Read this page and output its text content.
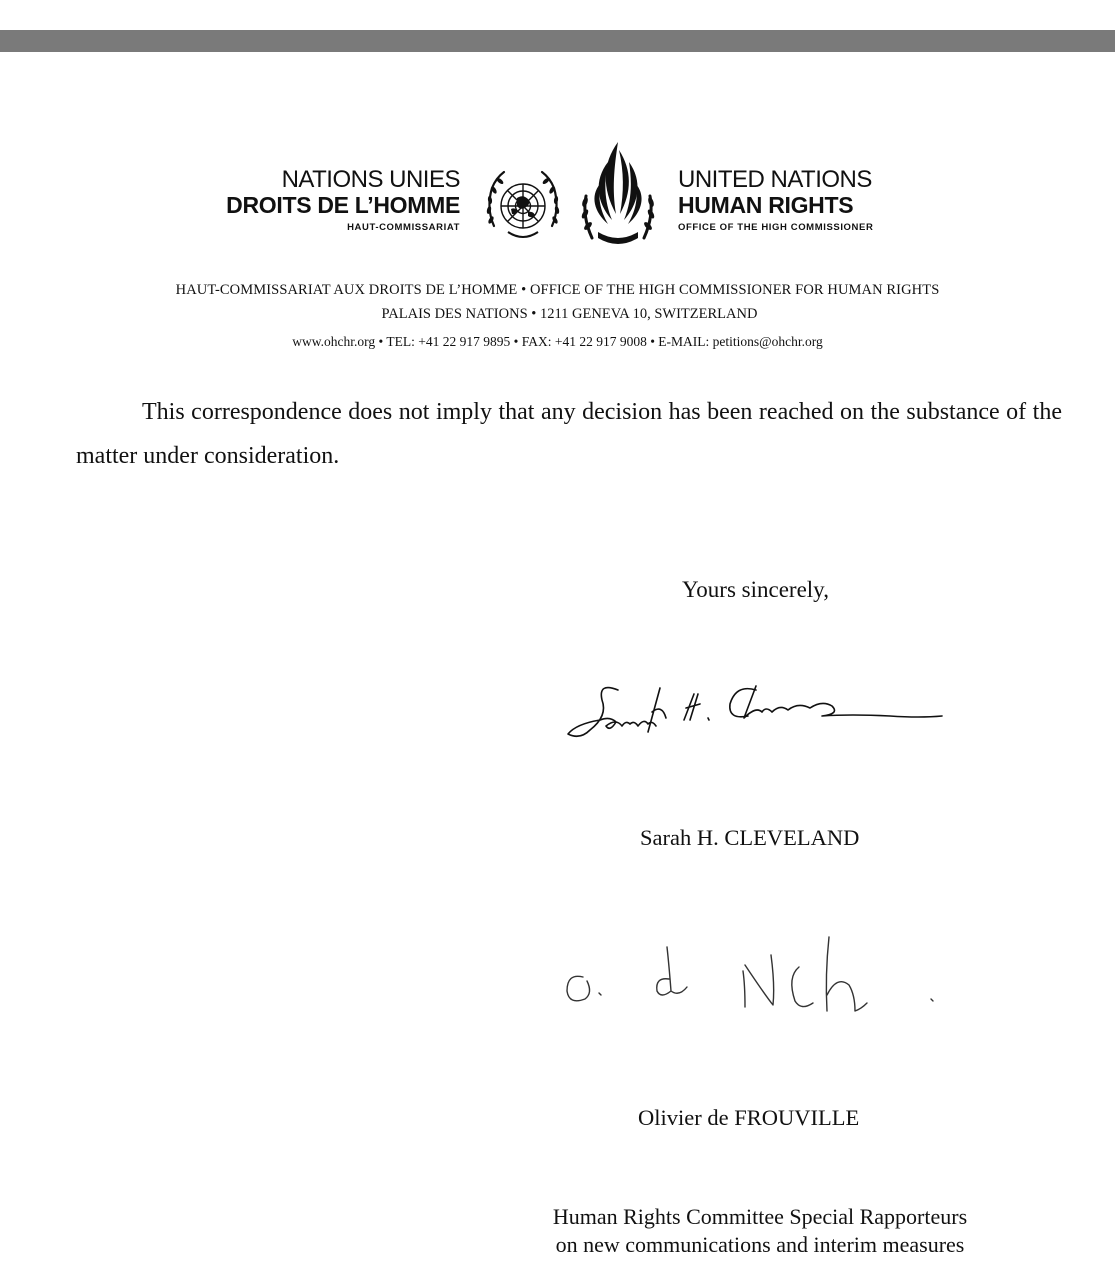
NATIONS UNIES
DROITS DE L’HOMME
HAUT-COMMISSARIAT
UNITED NATIONS
HUMAN RIGHTS
OFFICE OF THE HIGH COMMISSIONER
HAUT-COMMISSARIAT AUX DROITS DE L’HOMME • OFFICE OF THE HIGH COMMISSIONER FOR HUMAN RIGHTS
PALAIS DES NATIONS • 1211 GENEVA 10, SWITZERLAND
www.ohchr.org • TEL: +41 22 917 9895 • FAX: +41 22 917 9008 • E-MAIL: petitions@ohchr.org
This correspondence does not imply that any decision has been reached on the substance of the matter under consideration.
Yours sincerely,
Sarah H. CLEVELAND
Olivier de FROUVILLE
Human Rights Committee Special Rapporteurs
on new communications and interim measures
